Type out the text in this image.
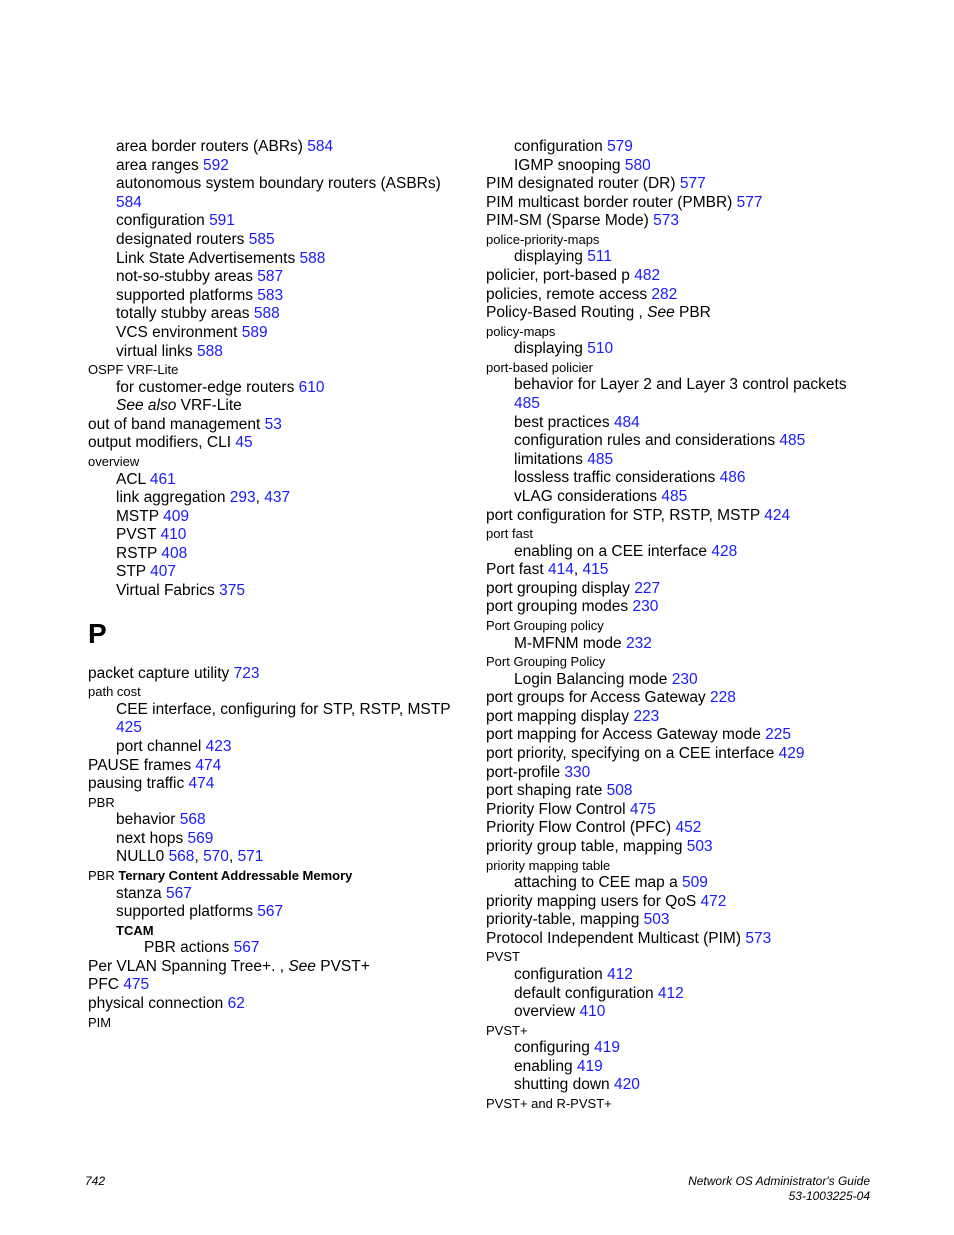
area border routers (ABRs) 584
area ranges 592
autonomous system boundary routers (ASBRs)
584
configuration 591
designated routers 585
Link State Advertisements 588
not-so-stubby areas 587
supported platforms 583
totally stubby areas 588
VCS environment 589
virtual links 588
OSPF VRF-Lite
for customer-edge routers 610
See also VRF-Lite
out of band management 53
output modifiers, CLI 45
overview
ACL 461
link aggregation 293, 437
MSTP 409
PVST 410
RSTP 408
STP 407
Virtual Fabrics 375
P
packet capture utility 723
path cost
CEE interface, configuring for STP, RSTP, MSTP
425
port channel 423
PAUSE frames 474
pausing traffic 474
PBR
behavior 568
next hops 569
NULL0 568, 570, 571
PBR Ternary Content Addressable Memory
stanza 567
supported platforms 567
TCAM
PBR actions 567
Per VLAN Spanning Tree+. , See PVST+
PFC 475
physical connection 62
PIM
configuration 579
IGMP snooping 580
PIM designated router (DR) 577
PIM multicast border router (PMBR) 577
PIM-SM (Sparse Mode) 573
police-priority-maps
displaying 511
policier, port-based p 482
policies, remote access 282
Policy-Based Routing , See PBR
policy-maps
displaying 510
port-based policier
behavior for Layer 2 and Layer 3 control packets
485
best practices 484
configuration rules and considerations 485
limitations 485
lossless traffic considerations 486
vLAG considerations 485
port configuration for STP, RSTP, MSTP 424
port fast
enabling on a CEE interface 428
Port fast 414, 415
port grouping display 227
port grouping modes 230
Port Grouping policy
M-MFNM mode 232
Port Grouping Policy
Login Balancing mode 230
port groups for Access Gateway 228
port mapping display 223
port mapping for Access Gateway mode 225
port priority, specifying on a CEE interface 429
port-profile 330
port shaping rate 508
Priority Flow Control 475
Priority Flow Control (PFC) 452
priority group table, mapping 503
priority mapping table
attaching to CEE map a 509
priority mapping users for QoS 472
priority-table, mapping 503
Protocol Independent Multicast (PIM) 573
PVST
configuration 412
default configuration 412
overview 410
PVST+
configuring 419
enabling 419
shutting down 420
PVST+ and R-PVST+
742	Network OS Administrator's Guide
53-1003225-04
